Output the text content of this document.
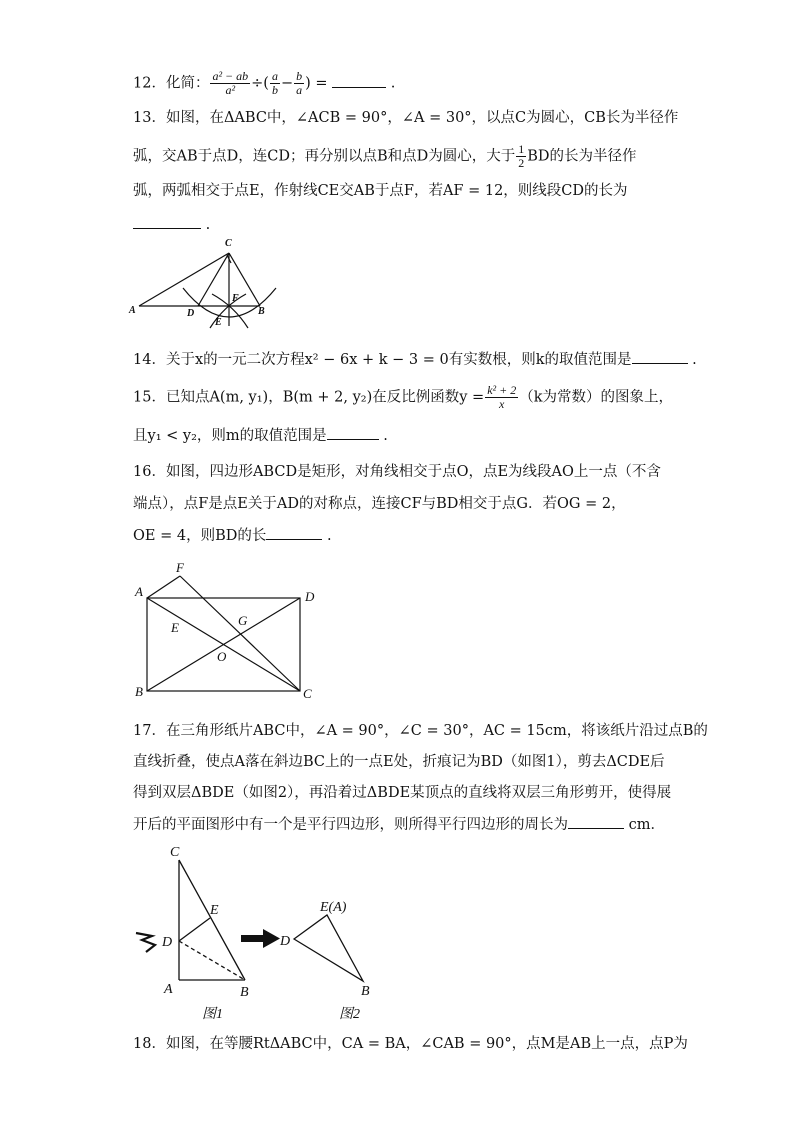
12．化简： $\frac{\text{a² − ab}}{\text{a²}}$ ÷( $\frac{a}{b} - \frac{b}{a}$ ) =	.
13．如图，在ΔABC中，∠ACB = 90°，∠A = 30°，以点C为圆心，CB长为半径作
弧，交AB于点D，连CD；再分别以点B和点D为圆心，大于 $\frac{1}{2}$ BD的长为半径作
弧，两弧相交于点E，作射线CE交AB于点F，若AF = 12，则线段CD的长为
.
A
C
D	B
F
E
14．关于x的一元二次方程x² − 6x + k − 3 = 0有实数根，则k的取值范围是	.
15．已知点A(m, y₁)，B(m + 2, y₂)在反比例函数$y = \frac{\text{k² + 2}}{x} (k$为常数）的图象上，
且y₁ < y₂，则m的取值范围是	.
16．如图，四边形ABCD是矩形，对角线相交于点O，点E为线段AO上一点（不含
端点），点F是点E关于AD的对称点，连接CF与BD相交于点G．若OG = 2，
OE = 4，则BD的长	.
A
F
D
E	G
O
B	C
17．在三角形纸片ABC中，∠A = 90°，∠C = 30°，AC = 15cm，将该纸片沿过点B的
直线折叠，使点A落在斜边BC上的一点E处，折痕记为BD（如图1），剪去ΔCDE后
得到双层ΔBDE（如图2），再沿着过ΔBDE某顶点的直线将双层三角形剪开，使得展
开后的平面图形中有一个是平行四边形，则所得平行四边形的周长为	cm．
C
E
D
A	B
E(A)
D
B
图1	图2
18．如图，在等腰RtΔABC中，CA = BA，∠CAB = 90°，点M是AB上一点，点P为
